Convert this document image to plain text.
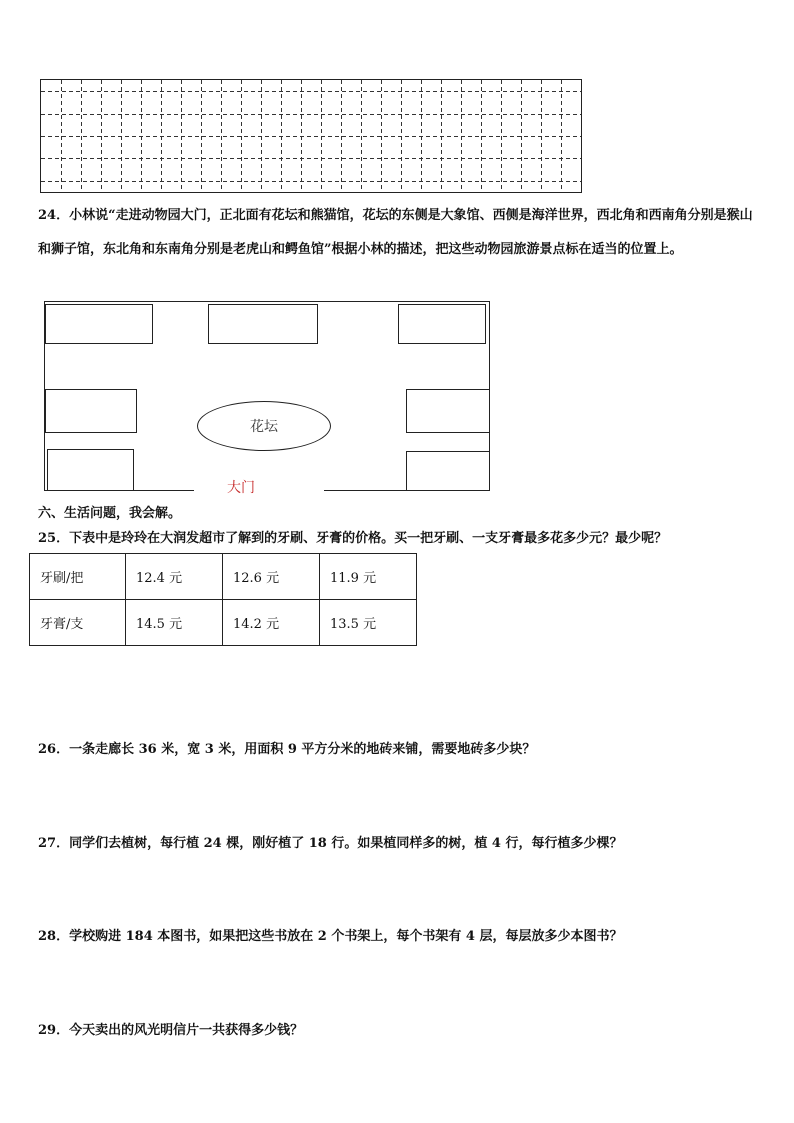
24．小林说“走进动物园大门，正北面有花坛和熊猫馆，花坛的东侧是大象馆、西侧是海洋世界，西北角和西南角分别是猴山和狮子馆，东北角和东南角分别是老虎山和鳄鱼馆”根据小林的描述，把这些动物园旅游景点标在适当的位置上。
花坛
大门
六、生活问题，我会解。
25．下表中是玲玲在大润发超市了解到的牙刷、牙膏的价格。买一把牙刷、一支牙膏最多花多少元？最少呢？
牙刷/把	12.4 元	12.6 元	11.9 元
牙膏/支	14.5 元	14.2 元	13.5 元
26．一条走廊长 36 米，宽 3 米，用面积 9 平方分米的地砖来铺，需要地砖多少块？
27．同学们去植树，每行植 24 棵，刚好植了 18 行。如果植同样多的树，植 4 行，每行植多少棵？
28．学校购进 184 本图书，如果把这些书放在 2 个书架上，每个书架有 4 层，每层放多少本图书？
29．今天卖出的风光明信片一共获得多少钱？
